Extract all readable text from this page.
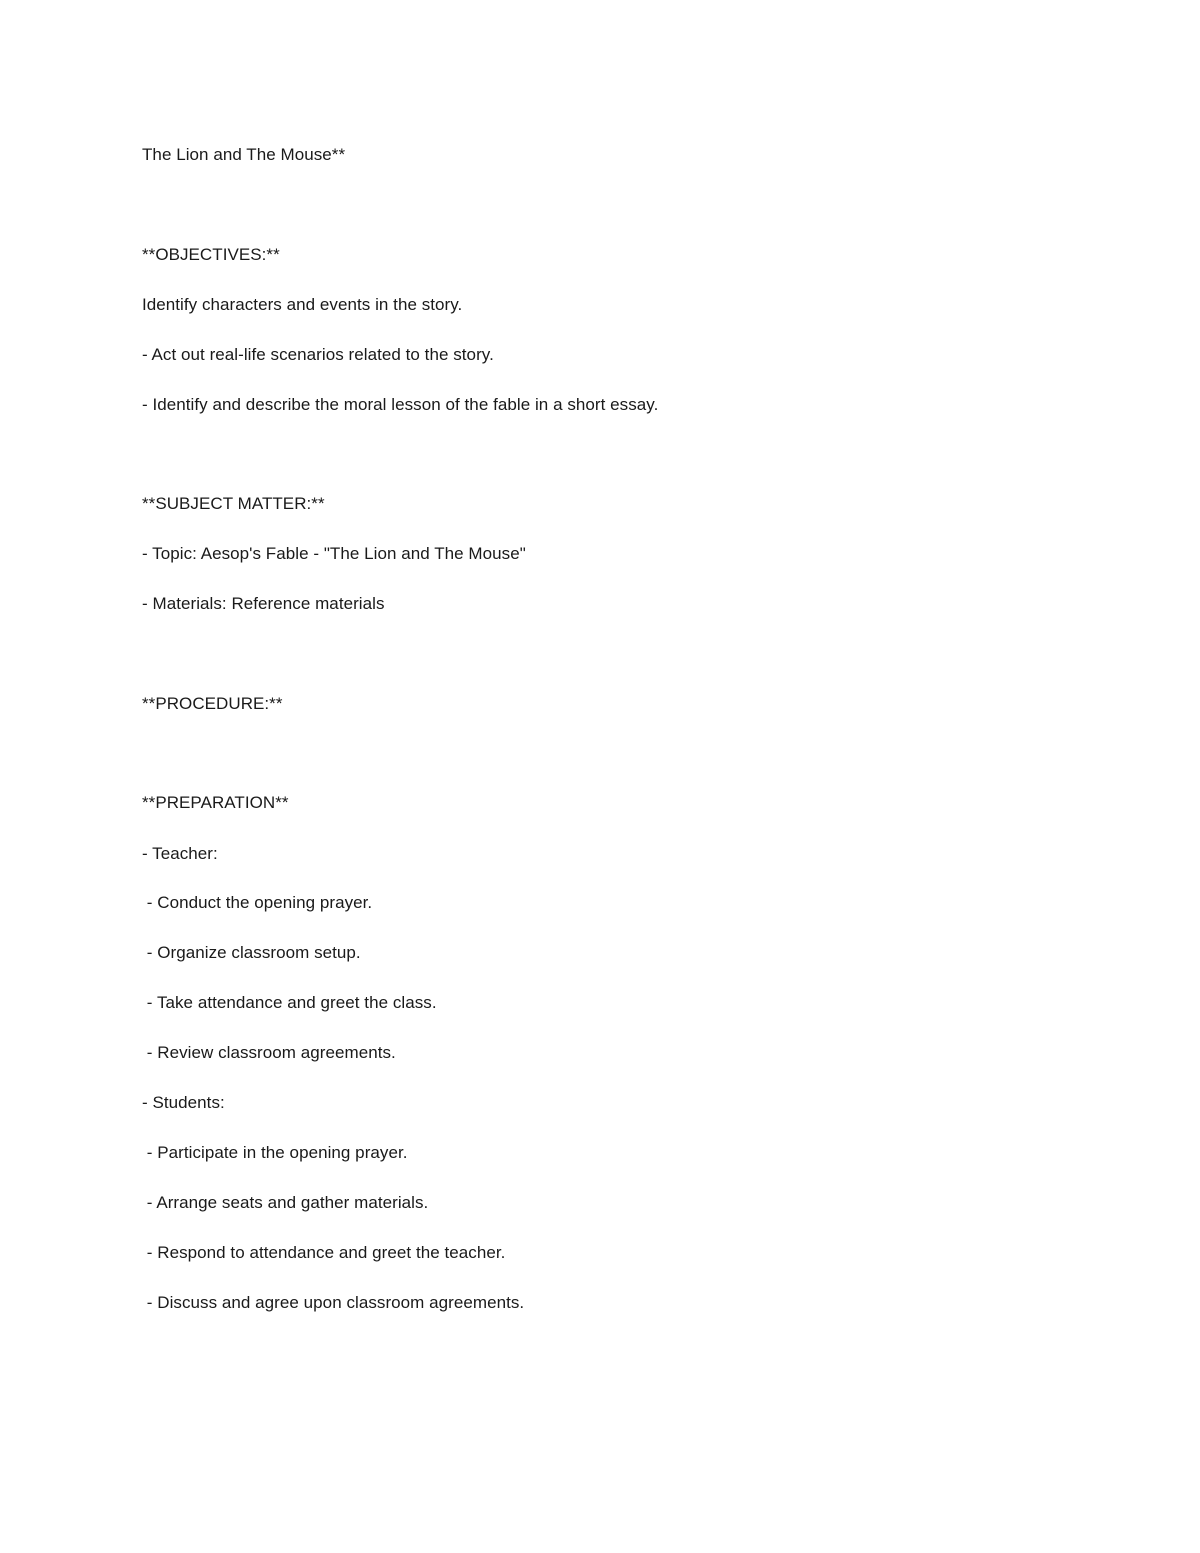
The Lion and The Mouse**
**OBJECTIVES:**
Identify characters and events in the story.
- Act out real-life scenarios related to the story.
- Identify and describe the moral lesson of the fable in a short essay.
**SUBJECT MATTER:**
- Topic: Aesop's Fable - "The Lion and The Mouse"
- Materials: Reference materials
**PROCEDURE:**
**PREPARATION**
- Teacher:
- Conduct the opening prayer.
- Organize classroom setup.
- Take attendance and greet the class.
- Review classroom agreements.
- Students:
- Participate in the opening prayer.
- Arrange seats and gather materials.
- Respond to attendance and greet the teacher.
- Discuss and agree upon classroom agreements.
